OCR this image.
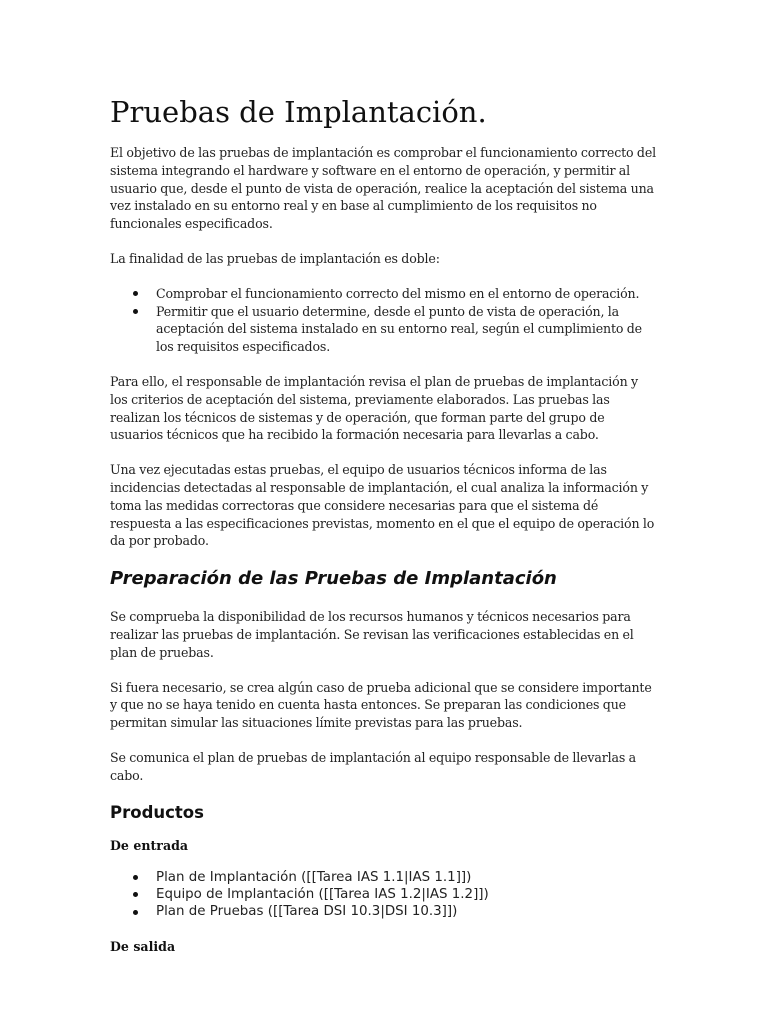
Pruebas de Implantación.

El objetivo de las pruebas de implantación es comprobar el funcionamiento correcto del sistema integrando el hardware y software en el entorno de operación, y permitir al usuario que, desde el punto de vista de operación, realice la aceptación del sistema una vez instalado en su entorno real y en base al cumplimiento de los requisitos no funcionales especificados.

La finalidad de las pruebas de implantación es doble:

Comprobar el funcionamiento correcto del mismo en el entorno de operación.
Permitir que el usuario determine, desde el punto de vista de operación, la aceptación del sistema instalado en su entorno real, según el cumplimiento de los requisitos especificados.

Para ello, el responsable de implantación revisa el plan de pruebas de implantación y los criterios de aceptación del sistema, previamente elaborados. Las pruebas las realizan los técnicos de sistemas y de operación, que forman parte del grupo de usuarios técnicos que ha recibido la formación necesaria para llevarlas a cabo.

Una vez ejecutadas estas pruebas, el equipo de usuarios técnicos informa de las incidencias detectadas al responsable de implantación, el cual analiza la información y toma las medidas correctoras que considere necesarias para que el sistema dé respuesta a las especificaciones previstas, momento en el que el equipo de operación lo da por probado.

Preparación de las Pruebas de Implantación

Se comprueba la disponibilidad de los recursos humanos y técnicos necesarios para realizar las pruebas de implantación. Se revisan las verificaciones establecidas en el plan de pruebas.

Si fuera necesario, se crea algún caso de prueba adicional que se considere importante y que no se haya tenido en cuenta hasta entonces. Se preparan las condiciones que permitan simular las situaciones límite previstas para las pruebas.

Se comunica el plan de pruebas de implantación al equipo responsable de llevarlas a cabo.

Productos
De entrada
Plan de Implantación ([[Tarea IAS 1.1|IAS 1.1]])
Equipo de Implantación ([[Tarea IAS 1.2|IAS 1.2]])
Plan de Pruebas ([[Tarea DSI 10.3|DSI 10.3]])
De salida
